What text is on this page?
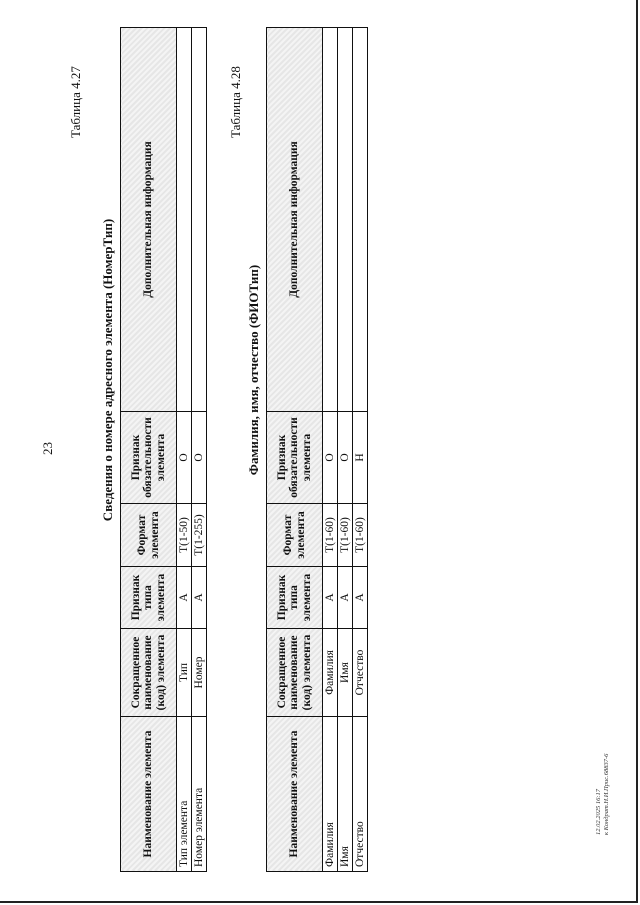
23
Таблица 4.27
Сведения о номере адресного элемента (НомерТип)
Наименование элемента	Сокращенное наименование (код) элемента	Признак типа элемента	Формат элемента	Признак обязательности элемента	Дополнительная информация
Тип элемента	Тип	А	T(1-50)	О	
Номер элемента	Номер	А	T(1-255)	О	
Таблица 4.28
Фамилия, имя, отчество (ФИОТип)
Наименование элемента	Сокращенное наименование (код) элемента	Признак типа элемента	Формат элемента	Признак обязательности элемента	Дополнительная информация
Фамилия	Фамилия	А	T(1-60)	О	
Имя	Имя	А	T(1-60)	О	
Отчество	Отчество	А	T(1-60)	Н	
12.02.2025 16:17 к Кондрат.Н.И.Прис.68837-6
